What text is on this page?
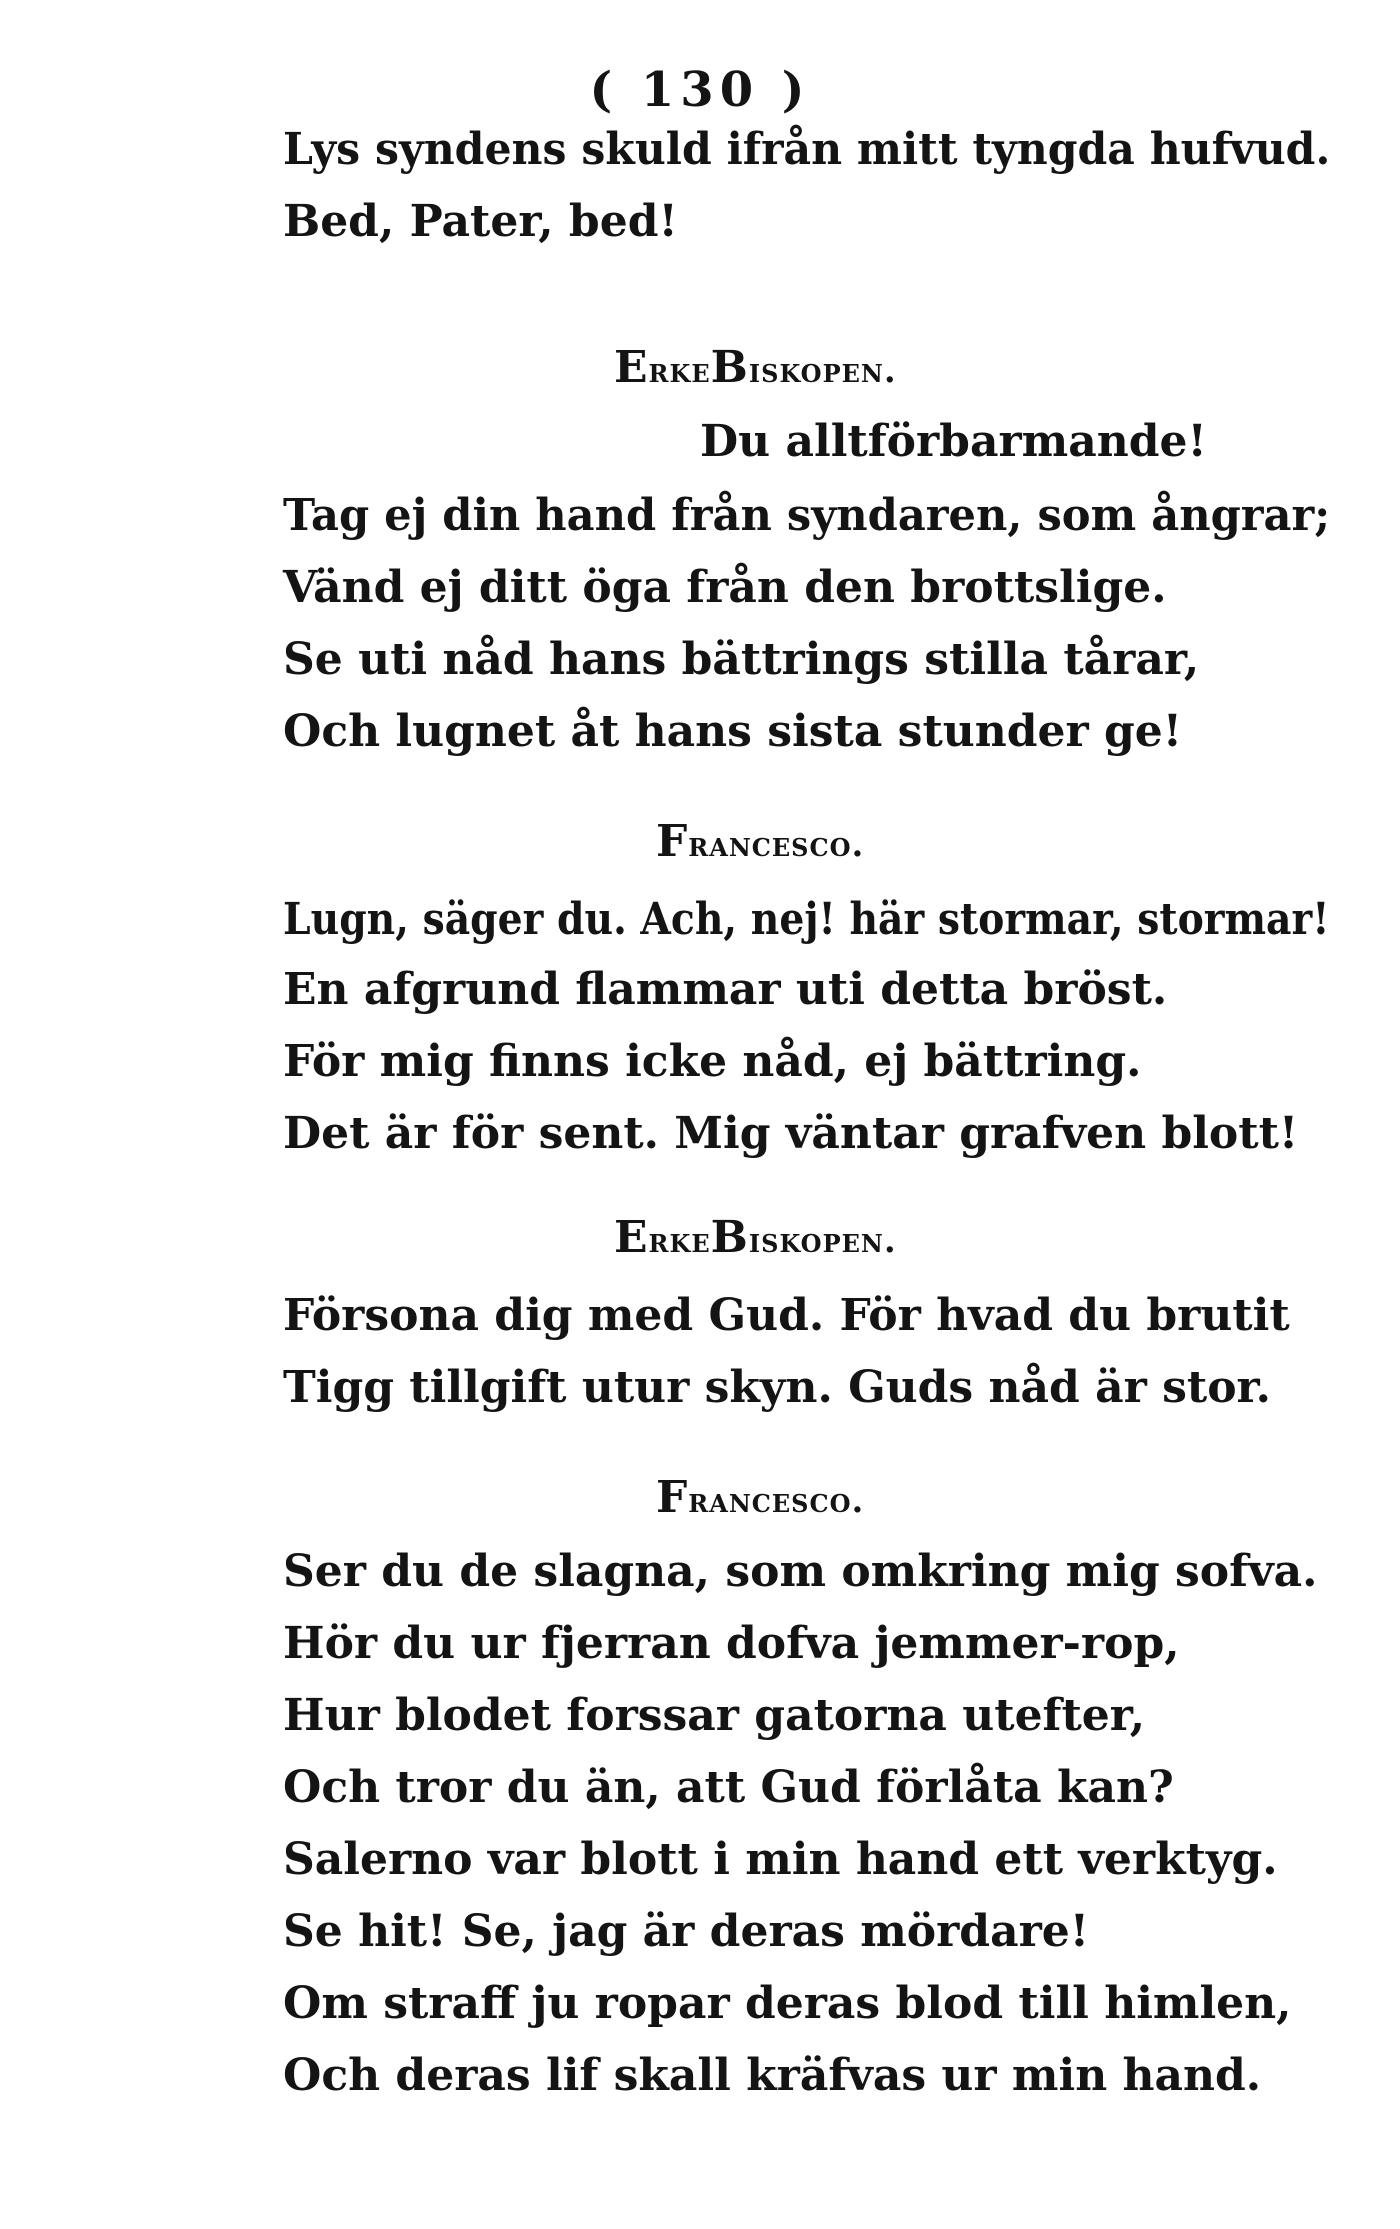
( 130 )
Lys syndens skuld ifrån mitt tyngda hufvud.
Bed, Pater, bed!
ErkeBiskopen.
Du alltförbarmande!
Tag ej din hand från syndaren, som ångrar;
Vänd ej ditt öga från den brottslige.
Se uti nåd hans bättrings stilla tårar,
Och lugnet åt hans sista stunder ge!
Francesco.
Lugn, säger du. Ach, nej! här stormar, stormar!
En afgrund flammar uti detta bröst.
För mig finns icke nåd, ej bättring.
Det är för sent. Mig väntar grafven blott!
ErkeBiskopen.
Försona dig med Gud. För hvad du brutit
Tigg tillgift utur skyn. Guds nåd är stor.
Francesco.
Ser du de slagna, som omkring mig sofva.
Hör du ur fjerran dofva jemmer-rop,
Hur blodet forssar gatorna utefter,
Och tror du än, att Gud förlåta kan?
Salerno var blott i min hand ett verktyg.
Se hit! Se, jag är deras mördare!
Om straff ju ropar deras blod till himlen,
Och deras lif skall kräfvas ur min hand.
